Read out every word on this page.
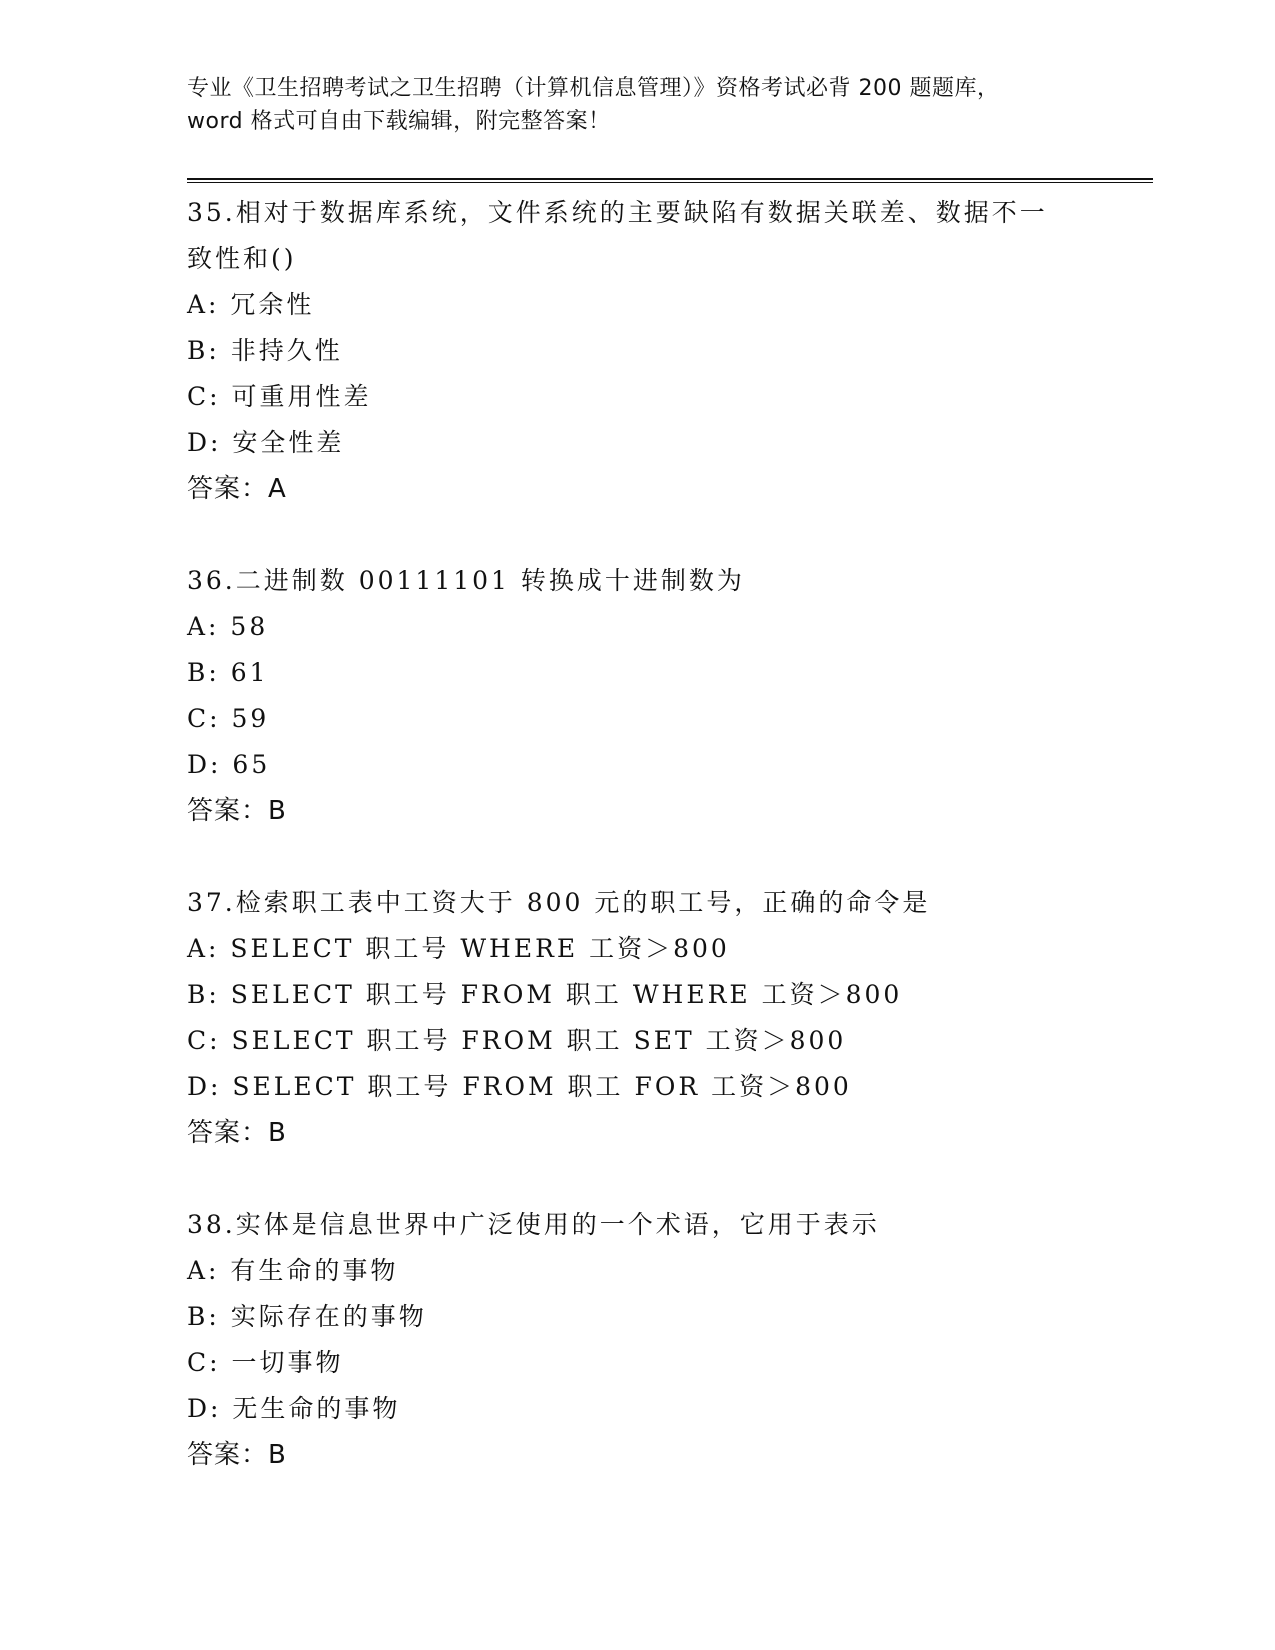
专业《卫生招聘考试之卫生招聘（计算机信息管理）》资格考试必背 200 题题库，
word 格式可自由下载编辑，附完整答案！

35.相对于数据库系统，文件系统的主要缺陷有数据关联差、数据不一

致性和()

A: 冗余性

B: 非持久性

C: 可重用性差

D: 安全性差

答案：A

36.二进制数 00111101 转换成十进制数为

A: 58

B: 61

C: 59

D: 65

答案：B

37.检索职工表中工资大于 800 元的职工号，正确的命令是

A: SELECT 职工号 WHERE 工资＞800

B: SELECT 职工号 FROM 职工 WHERE 工资＞800

C: SELECT 职工号 FROM 职工 SET 工资＞800

D: SELECT 职工号 FROM 职工 FOR 工资＞800

答案：B

38.实体是信息世界中广泛使用的一个术语，它用于表示

A: 有生命的事物

B: 实际存在的事物

C: 一切事物

D: 无生命的事物

答案：B
